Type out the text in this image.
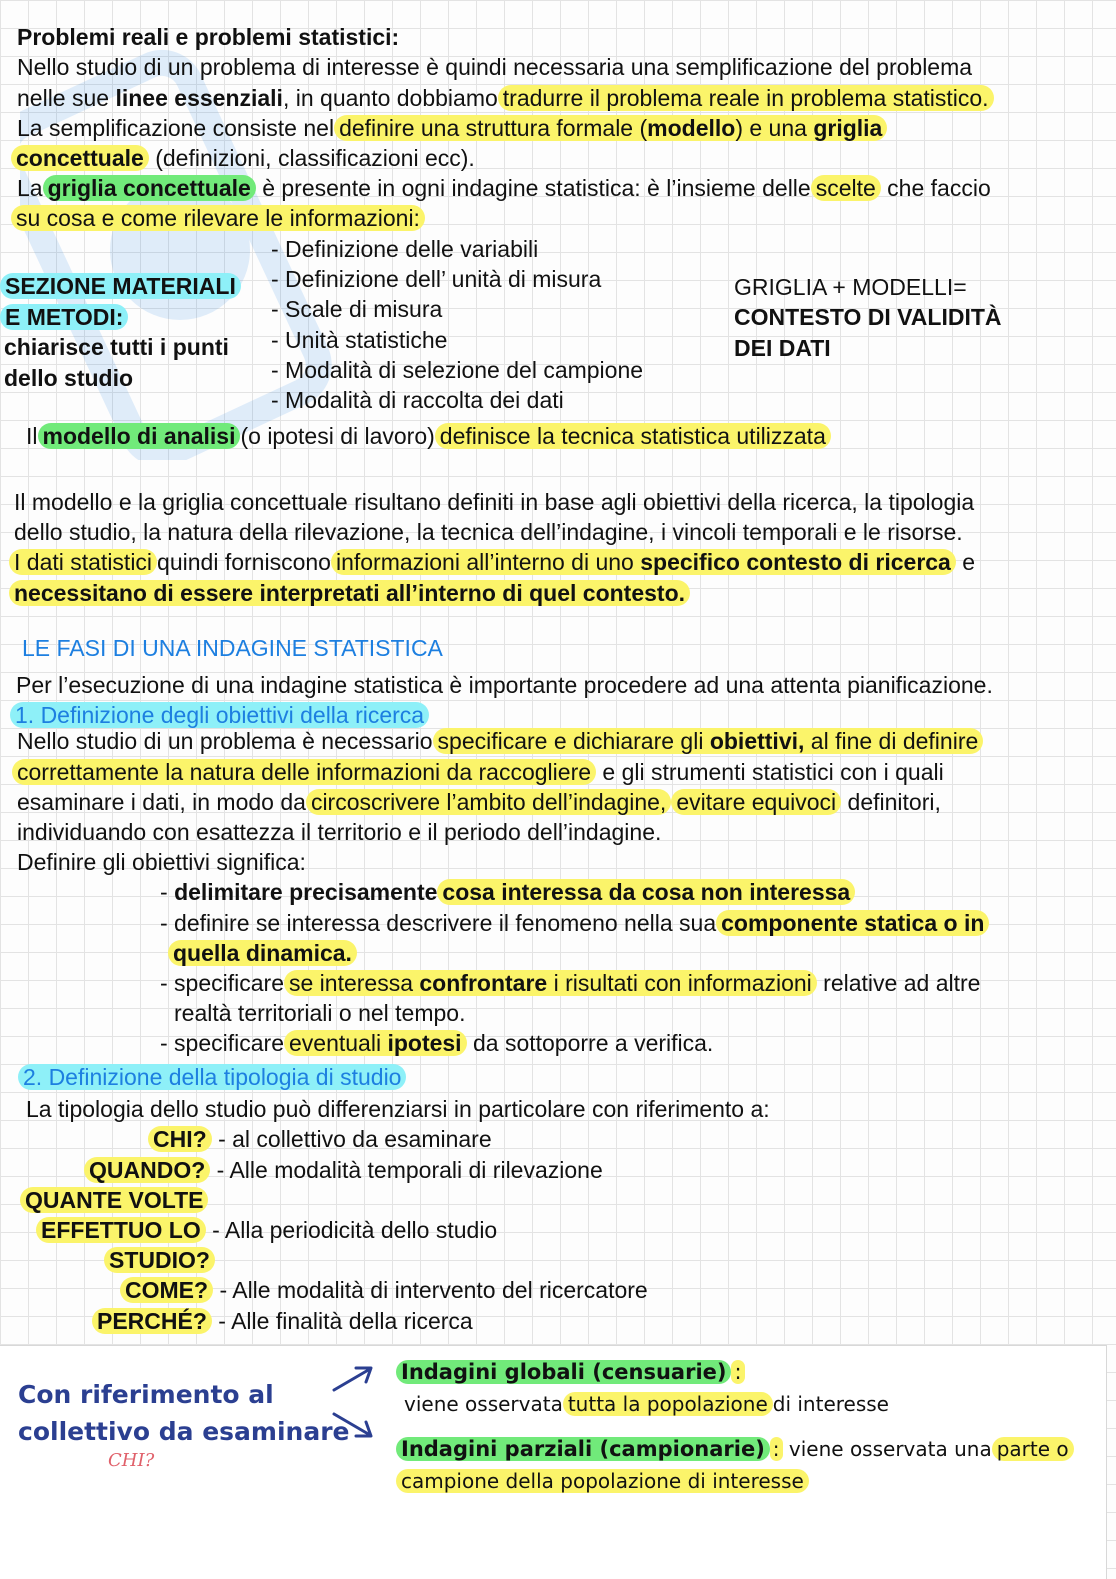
Problemi reali e problemi statistici:
Nello studio di un problema di interesse è quindi necessaria una semplificazione del problema
nelle sue linee essenziali, in quanto dobbiamo tradurre il problema reale in problema statistico.
La semplificazione consiste nel definire una struttura formale (modello) e una griglia
concettuale (definizioni, classificazioni ecc).
La griglia concettuale è presente in ogni indagine statistica: è l’insieme delle scelte che faccio
su cosa e come rilevare le informazioni:
- Definizione delle variabili
- Definizione dell’ unità di misura
- Scale di misura
- Unità statistiche
- Modalità di selezione del campione
- Modalità di raccolta dei dati
SEZIONE MATERIALI
E METODI:
chiarisce tutti i punti
dello studio
GRIGLIA + MODELLI=
CONTESTO DI VALIDITÀ
DEI DATI
Il modello di analisi (o ipotesi di lavoro) definisce la tecnica statistica utilizzata
Il modello e la griglia concettuale risultano definiti in base agli obiettivi della ricerca, la tipologia
dello studio, la natura della rilevazione, la tecnica dell’indagine, i vincoli temporali e le risorse.
I dati statistici quindi forniscono informazioni all’interno di uno specifico contesto di ricerca e
necessitano di essere interpretati all’interno di quel contesto.
LE FASI DI UNA INDAGINE STATISTICA
Per l’esecuzione di una indagine statistica è importante procedere ad una attenta pianificazione.
1. Definizione degli obiettivi della ricerca
Nello studio di un problema è necessario specificare e dichiarare gli obiettivi, al fine di definire
correttamente la natura delle informazioni da raccogliere e gli strumenti statistici con i quali
esaminare i dati, in modo da circoscrivere l’ambito dell’indagine, evitare equivoci definitori,
individuando con esattezza il territorio e il periodo dell’indagine.
Definire gli obiettivi significa:
- delimitare precisamente cosa interessa da cosa non interessa
- definire se interessa descrivere il fenomeno nella sua componente statica o in
quella dinamica.
- specificare se interessa confrontare i risultati con informazioni relative ad altre
realtà territoriali o nel tempo.
- specificare eventuali ipotesi da sottoporre a verifica.
2. Definizione della tipologia di studio
La tipologia dello studio può differenziarsi in particolare con riferimento a:
CHI? - al collettivo da esaminare
QUANDO? - Alle modalità temporali di rilevazione
QUANTE VOLTE
EFFETTUO LO - Alla periodicità dello studio
STUDIO?
COME? - Alle modalità di intervento del ricercatore
PERCHÉ? - Alle finalità della ricerca
Con riferimento al
collettivo da esaminare
CHI?
Indagini globali (censuarie) :
viene osservata tutta la popolazione di interesse
Indagini parziali (campionarie) : viene osservata una parte o
campione della popolazione di interesse
